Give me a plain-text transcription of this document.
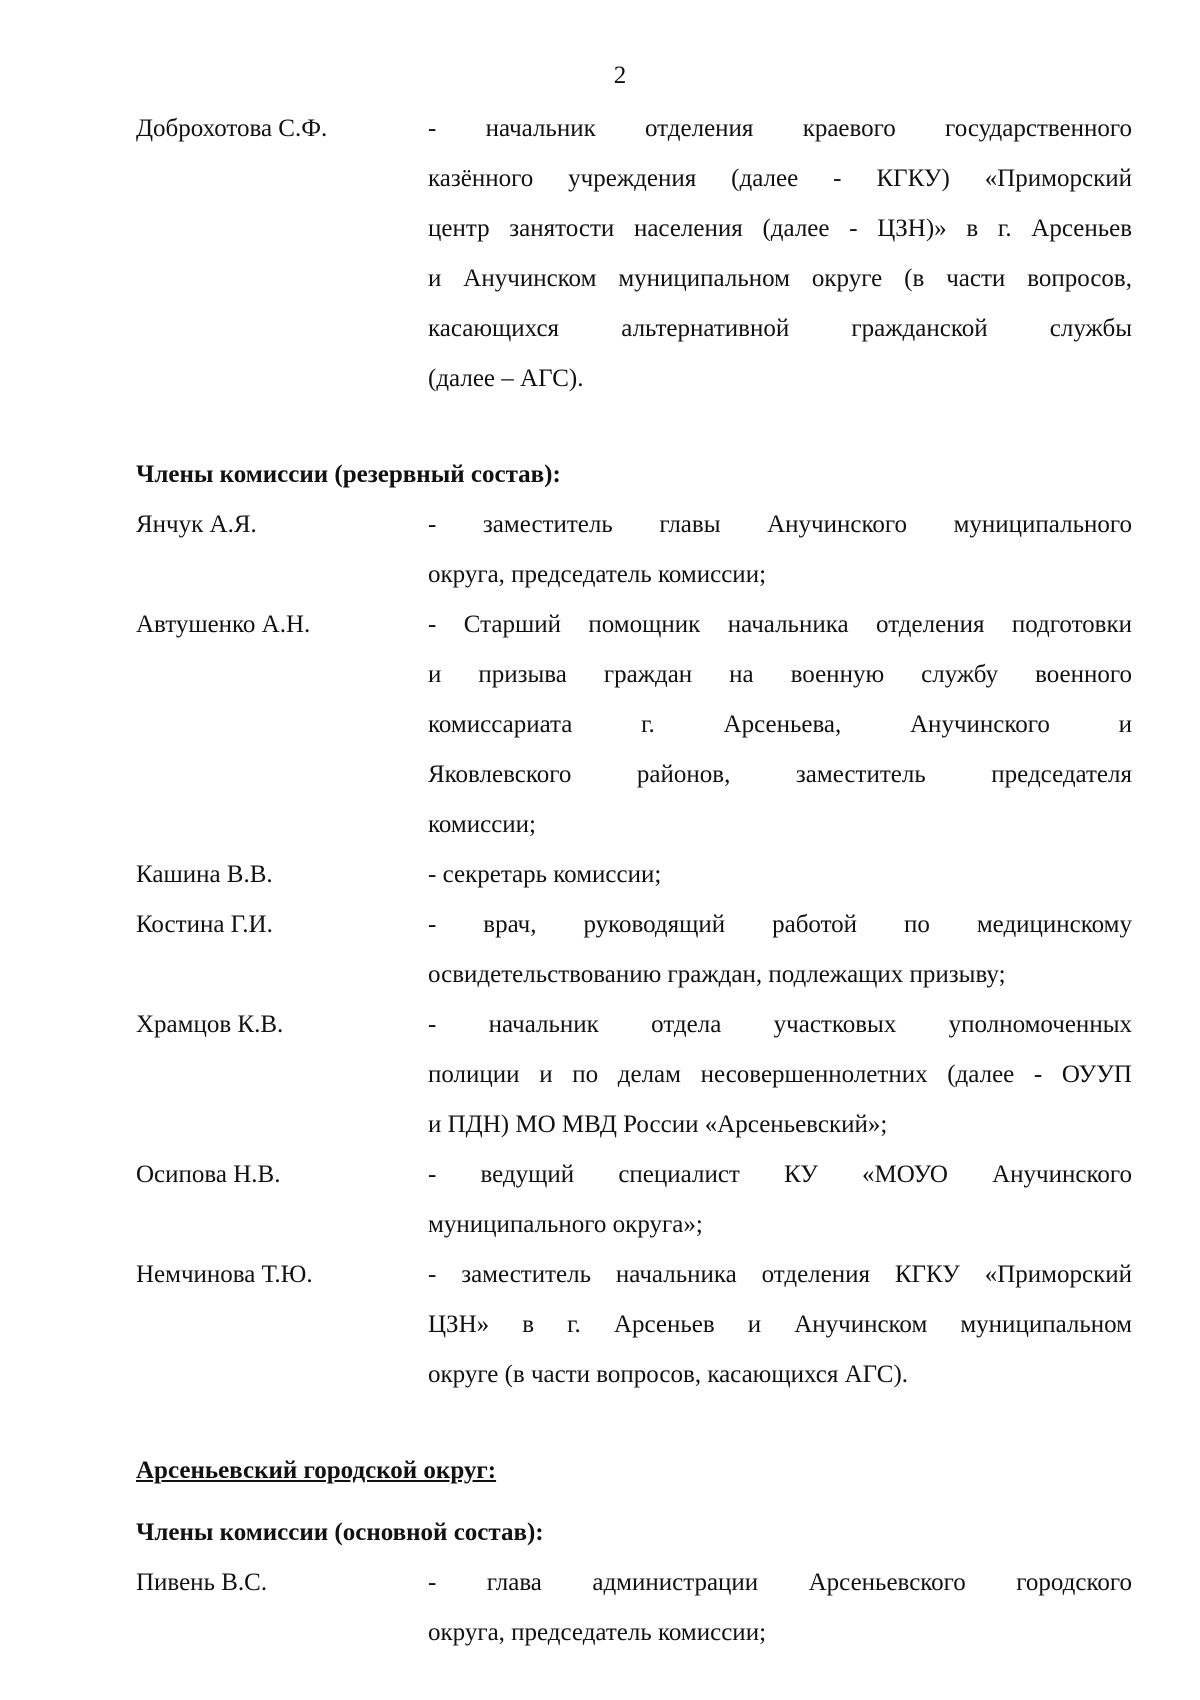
2
Доброхотова С.Ф.	- начальник отделения краевого государственного
казённого учреждения (далее - КГКУ) «Приморский
центр занятости населения (далее - ЦЗН)» в г. Арсеньев
и Анучинском муниципальном округе (в части вопросов,
касающихся альтернативной гражданской службы
(далее – АГС).
Члены комиссии (резервный состав):
Янчук А.Я.	- заместитель главы Анучинского муниципального
округа, председатель комиссии;
Автушенко А.Н.	- Старший помощник начальника отделения подготовки
и призыва граждан на военную службу военного
комиссариата г. Арсеньева, Анучинского и
Яковлевского районов, заместитель председателя
комиссии;
Кашина В.В.	- секретарь комиссии;
Костина Г.И.	- врач, руководящий работой по медицинскому
освидетельствованию граждан, подлежащих призыву;
Храмцов К.В.	- начальник отдела участковых уполномоченных
полиции и по делам несовершеннолетних (далее - ОУУП
и ПДН) МО МВД России «Арсеньевский»;
Осипова Н.В.	- ведущий специалист КУ «МОУО Анучинского
муниципального округа»;
Немчинова Т.Ю.	- заместитель начальника отделения КГКУ «Приморский
ЦЗН» в г. Арсеньев и Анучинском муниципальном
округе (в части вопросов, касающихся АГС).
Арсеньевский городской округ:
Члены комиссии (основной состав):
Пивень В.С.	- глава администрации Арсеньевского городского
округа, председатель комиссии;
